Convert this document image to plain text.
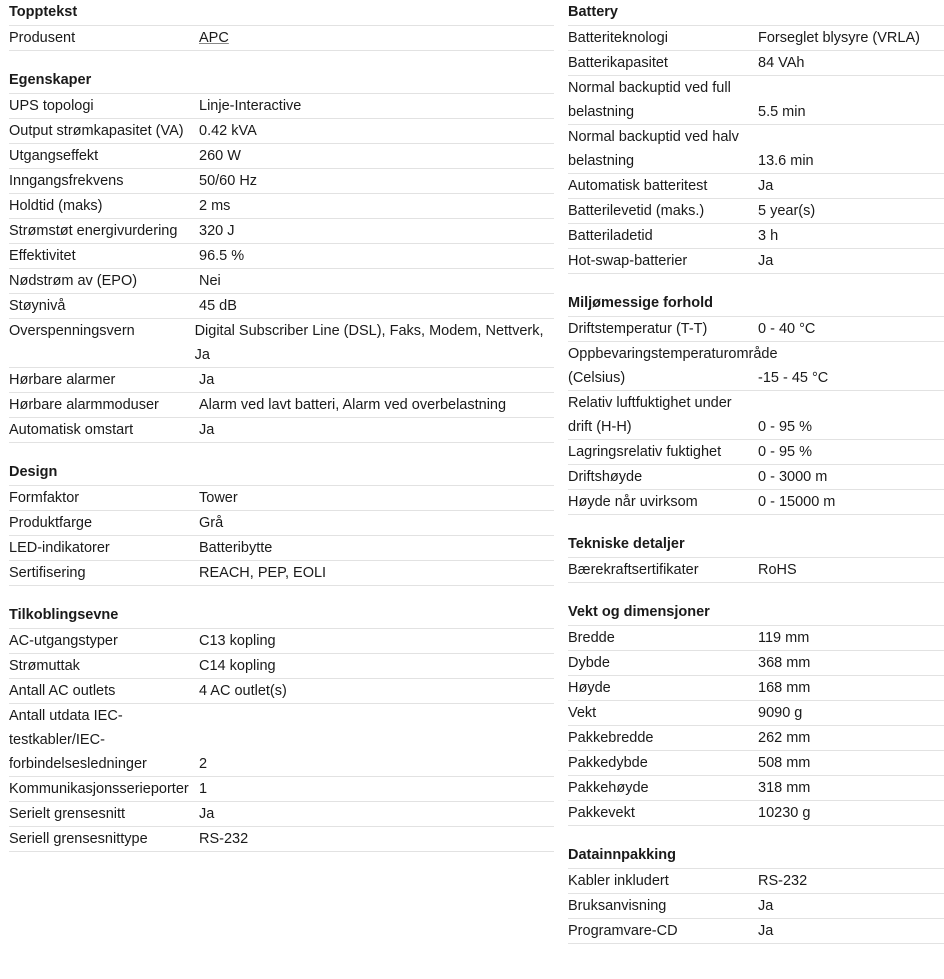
Topptekst
Produsent	APC
Egenskaper
UPS topologi	Linje-Interactive
Output strømkapasitet (VA)	0.42 kVA
Utgangseffekt	260 W
Inngangsfrekvens	50/60 Hz
Holdtid (maks)	2 ms
Strømstøt energivurdering	320 J
Effektivitet	96.5 %
Nødstrøm av (EPO)	Nei
Støynivå	45 dB
Overspenningsvern	Digital Subscriber Line (DSL), Faks, Modem, Nettverk, Ja
Hørbare alarmer	Ja
Hørbare alarmmoduser	Alarm ved lavt batteri, Alarm ved overbelastning
Automatisk omstart	Ja
Design
Formfaktor	Tower
Produktfarge	Grå
LED-indikatorer	Batteribytte
Sertifisering	REACH, PEP, EOLI
Tilkoblingsevne
AC-utgangstyper	C13 kopling
Strømuttak	C14 kopling
Antall AC outlets	4 AC outlet(s)
Antall utdata IEC-testkabler/IEC-forbindelsesledninger	2
Kommunikasjonsserieporter 1
Serielt grensesnitt	Ja
Seriell grensesnittype	RS-232
Battery
Batteriteknologi	Forseglet blysyre (VRLA)
Batterikapasitet	84 VAh
Normal backuptid ved full belastning	5.5 min
Normal backuptid ved halv belastning	13.6 min
Automatisk batteritest	Ja
Batterilevetid (maks.)	5 year(s)
Batteriladetid	3 h
Hot-swap-batterier	Ja
Miljømessige forhold
Driftstemperatur (T-T)	0 - 40 °C
Oppbevaringstemperaturområde (Celsius)	-15 - 45 °C
Relativ luftfuktighet under drift (H-H)	0 - 95 %
Lagringsrelativ fuktighet	0 - 95 %
Driftshøyde	0 - 3000 m
Høyde når uvirksom	0 - 15000 m
Tekniske detaljer
Bærekraftsertifikater	RoHS
Vekt og dimensjoner
Bredde	119 mm
Dybde	368 mm
Høyde	168 mm
Vekt	9090 g
Pakkebredde	262 mm
Pakkedybde	508 mm
Pakkehøyde	318 mm
Pakkevekt	10230 g
Datainnpakking
Kabler inkludert	RS-232
Bruksanvisning	Ja
Programvare-CD	Ja
